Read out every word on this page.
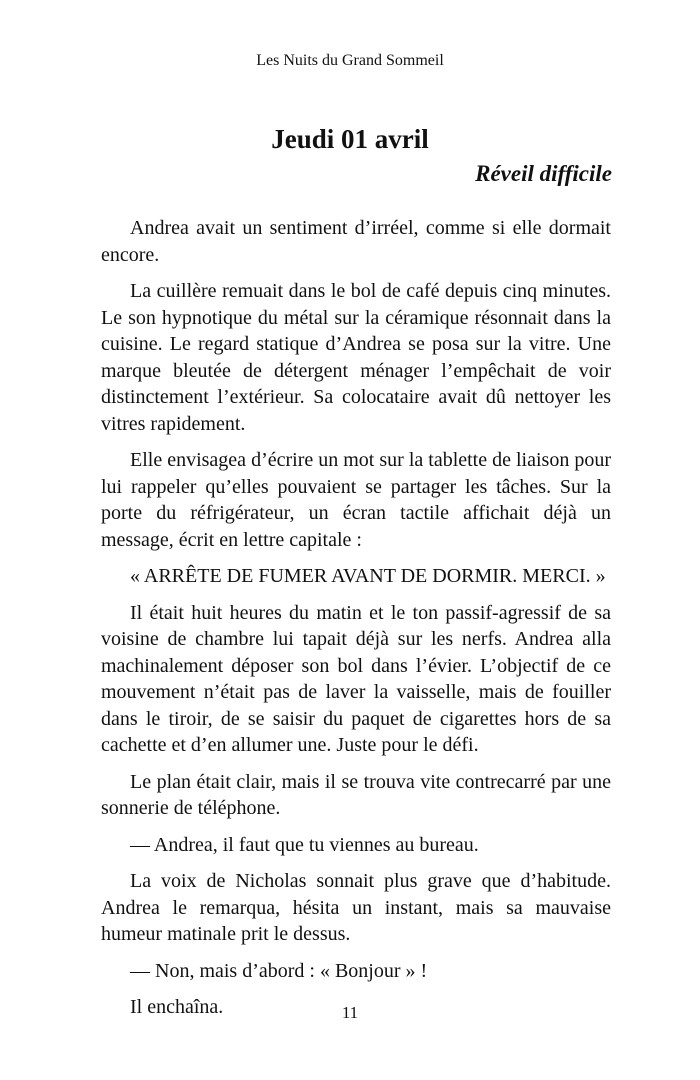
Les Nuits du Grand Sommeil
Jeudi 01 avril
Réveil difficile

Andrea avait un sentiment d’irréel, comme si elle dormait encore.

La cuillère remuait dans le bol de café depuis cinq minutes. Le son hypnotique du métal sur la céramique résonnait dans la cuisine. Le regard statique d’Andrea se posa sur la vitre. Une marque bleutée de détergent ménager l’empêchait de voir distinctement l’extérieur. Sa colocataire avait dû nettoyer les vitres rapidement.

Elle envisagea d’écrire un mot sur la tablette de liaison pour lui rappeler qu’elles pouvaient se partager les tâches. Sur la porte du réfrigérateur, un écran tactile affichait déjà un message, écrit en lettre capitale :

« ARRÊTE DE FUMER AVANT DE DORMIR. MERCI. »

Il était huit heures du matin et le ton passif-agressif de sa voisine de chambre lui tapait déjà sur les nerfs. Andrea alla machinalement déposer son bol dans l’évier. L’objectif de ce mouvement n’était pas de laver la vaisselle, mais de fouiller dans le tiroir, de se saisir du paquet de cigarettes hors de sa cachette et d’en allumer une. Juste pour le défi.

Le plan était clair, mais il se trouva vite contrecarré par une sonnerie de téléphone.

— Andrea, il faut que tu viennes au bureau.

La voix de Nicholas sonnait plus grave que d’habitude. Andrea le remarqua, hésita un instant, mais sa mauvaise humeur matinale prit le dessus.

— Non, mais d’abord : « Bonjour » !

Il enchaîna.	11
